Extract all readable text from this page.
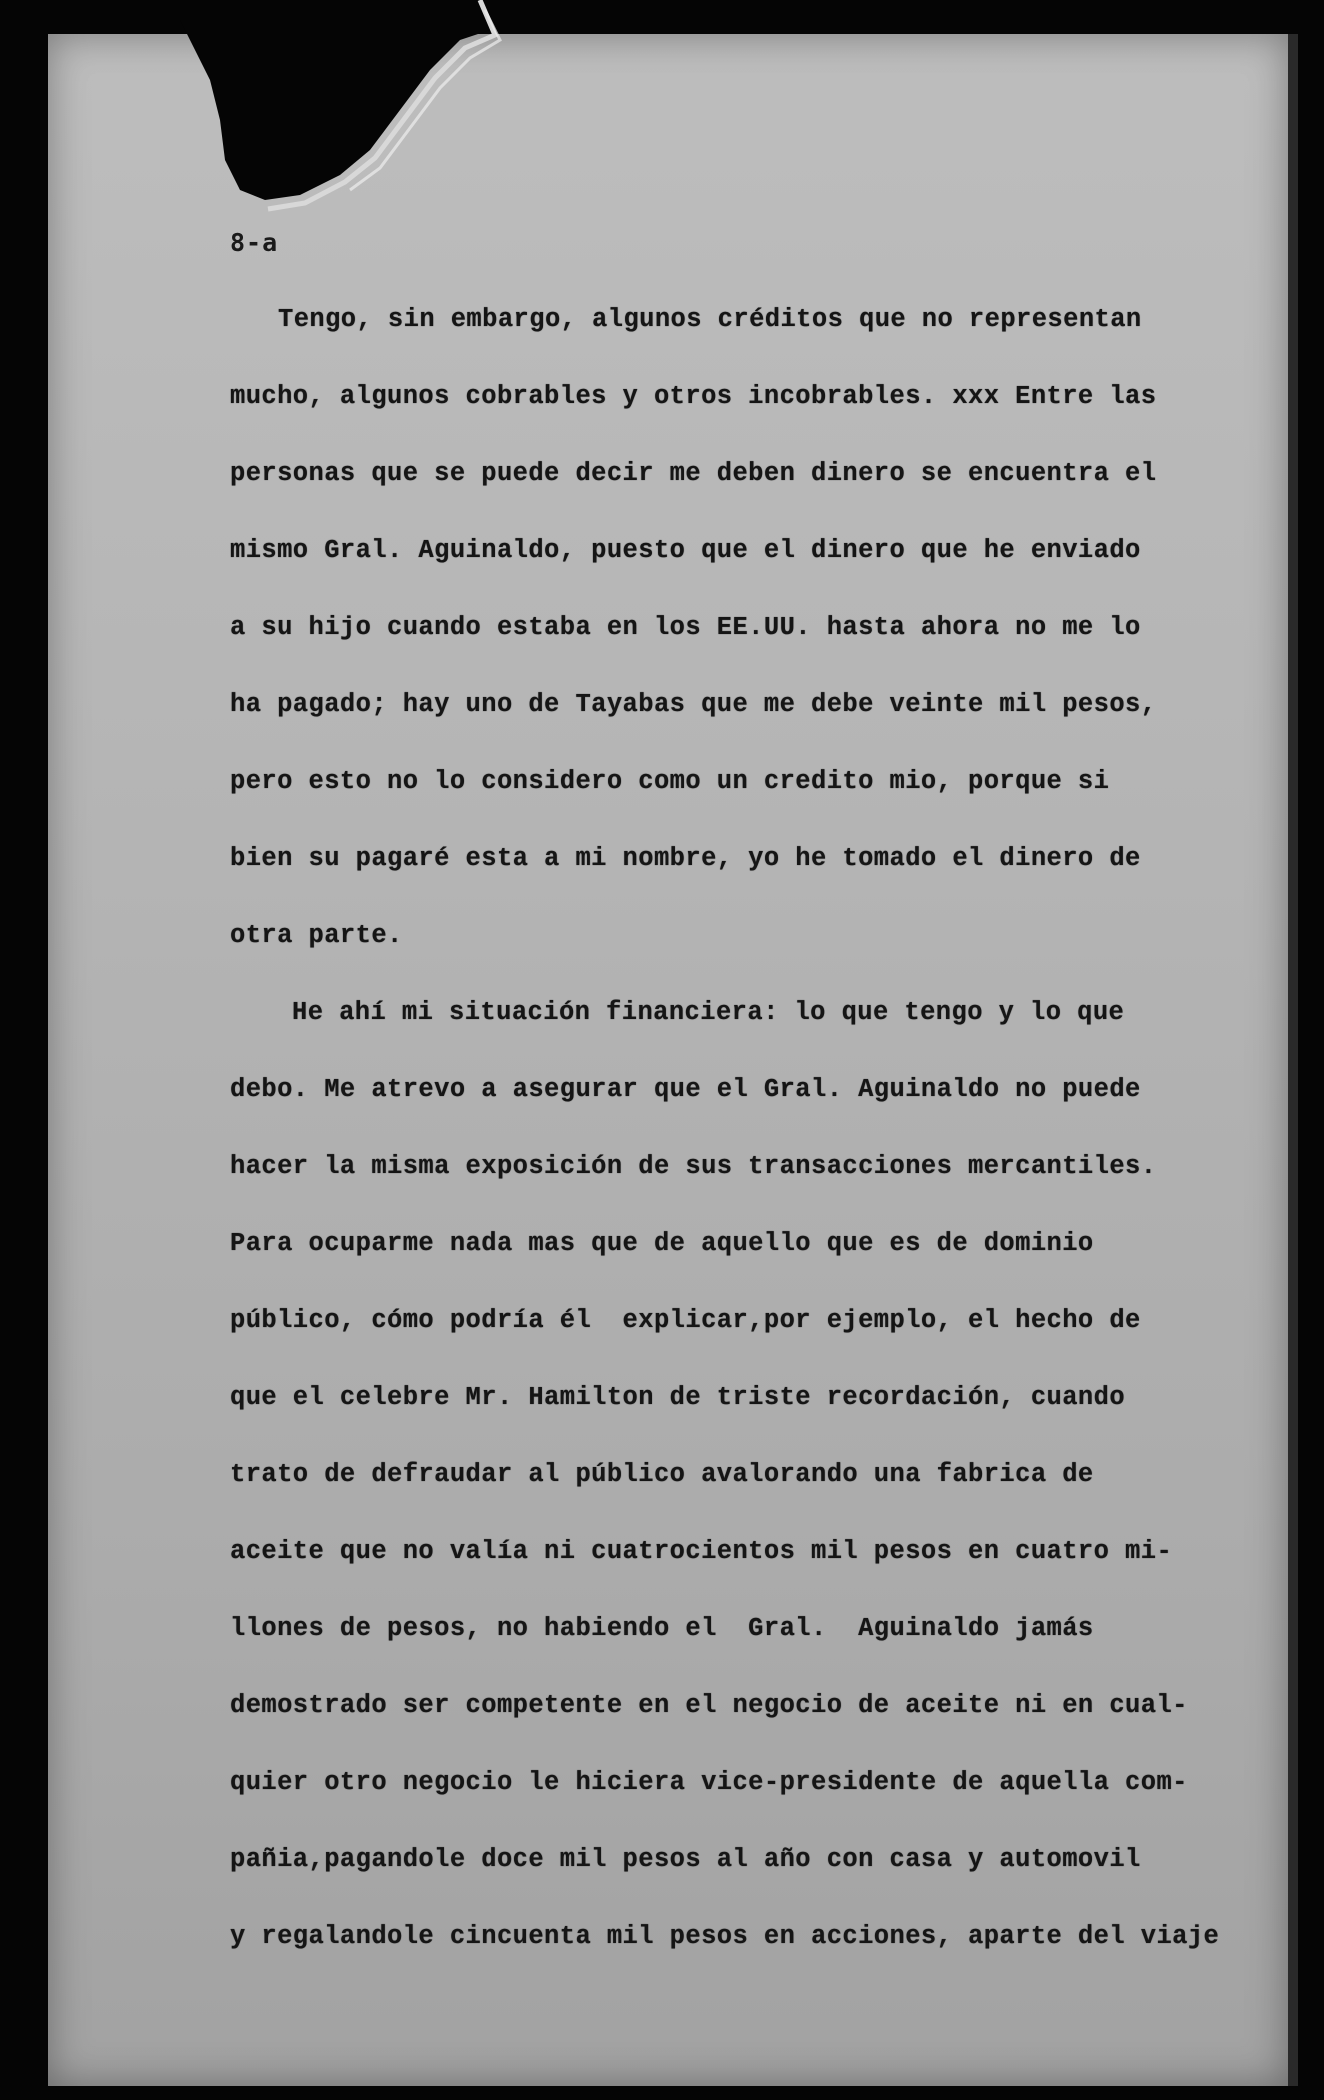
8-a
Tengo, sin embargo, algunos créditos que no representan
mucho, algunos cobrables y otros incobrables. xxx Entre las
personas que se puede decir me deben dinero se encuentra el
mismo Gral. Aguinaldo, puesto que el dinero que he enviado
a su hijo cuando estaba en los EE.UU. hasta ahora no me lo
ha pagado; hay uno de Tayabas que me debe veinte mil pesos,
pero esto no lo considero como un credito mio, porque si
bien su pagaré esta a mi nombre, yo he tomado el dinero de
otra parte.
He ahí mi situación financiera: lo que tengo y lo que
debo. Me atrevo a asegurar que el Gral. Aguinaldo no puede
hacer la misma exposición de sus transacciones mercantiles.
Para ocuparme nada mas que de aquello que es de dominio
público, cómo podría él  explicar,por ejemplo, el hecho de
que el celebre Mr. Hamilton de triste recordación, cuando
trato de defraudar al público avalorando una fabrica de
aceite que no valía ni cuatrocientos mil pesos en cuatro mi-
llones de pesos, no habiendo el  Gral.  Aguinaldo jamás
demostrado ser competente en el negocio de aceite ni en cual-
quier otro negocio le hiciera vice-presidente de aquella com-
pañia,pagandole doce mil pesos al año con casa y automovil
y regalandole cincuenta mil pesos en acciones, aparte del viaje
